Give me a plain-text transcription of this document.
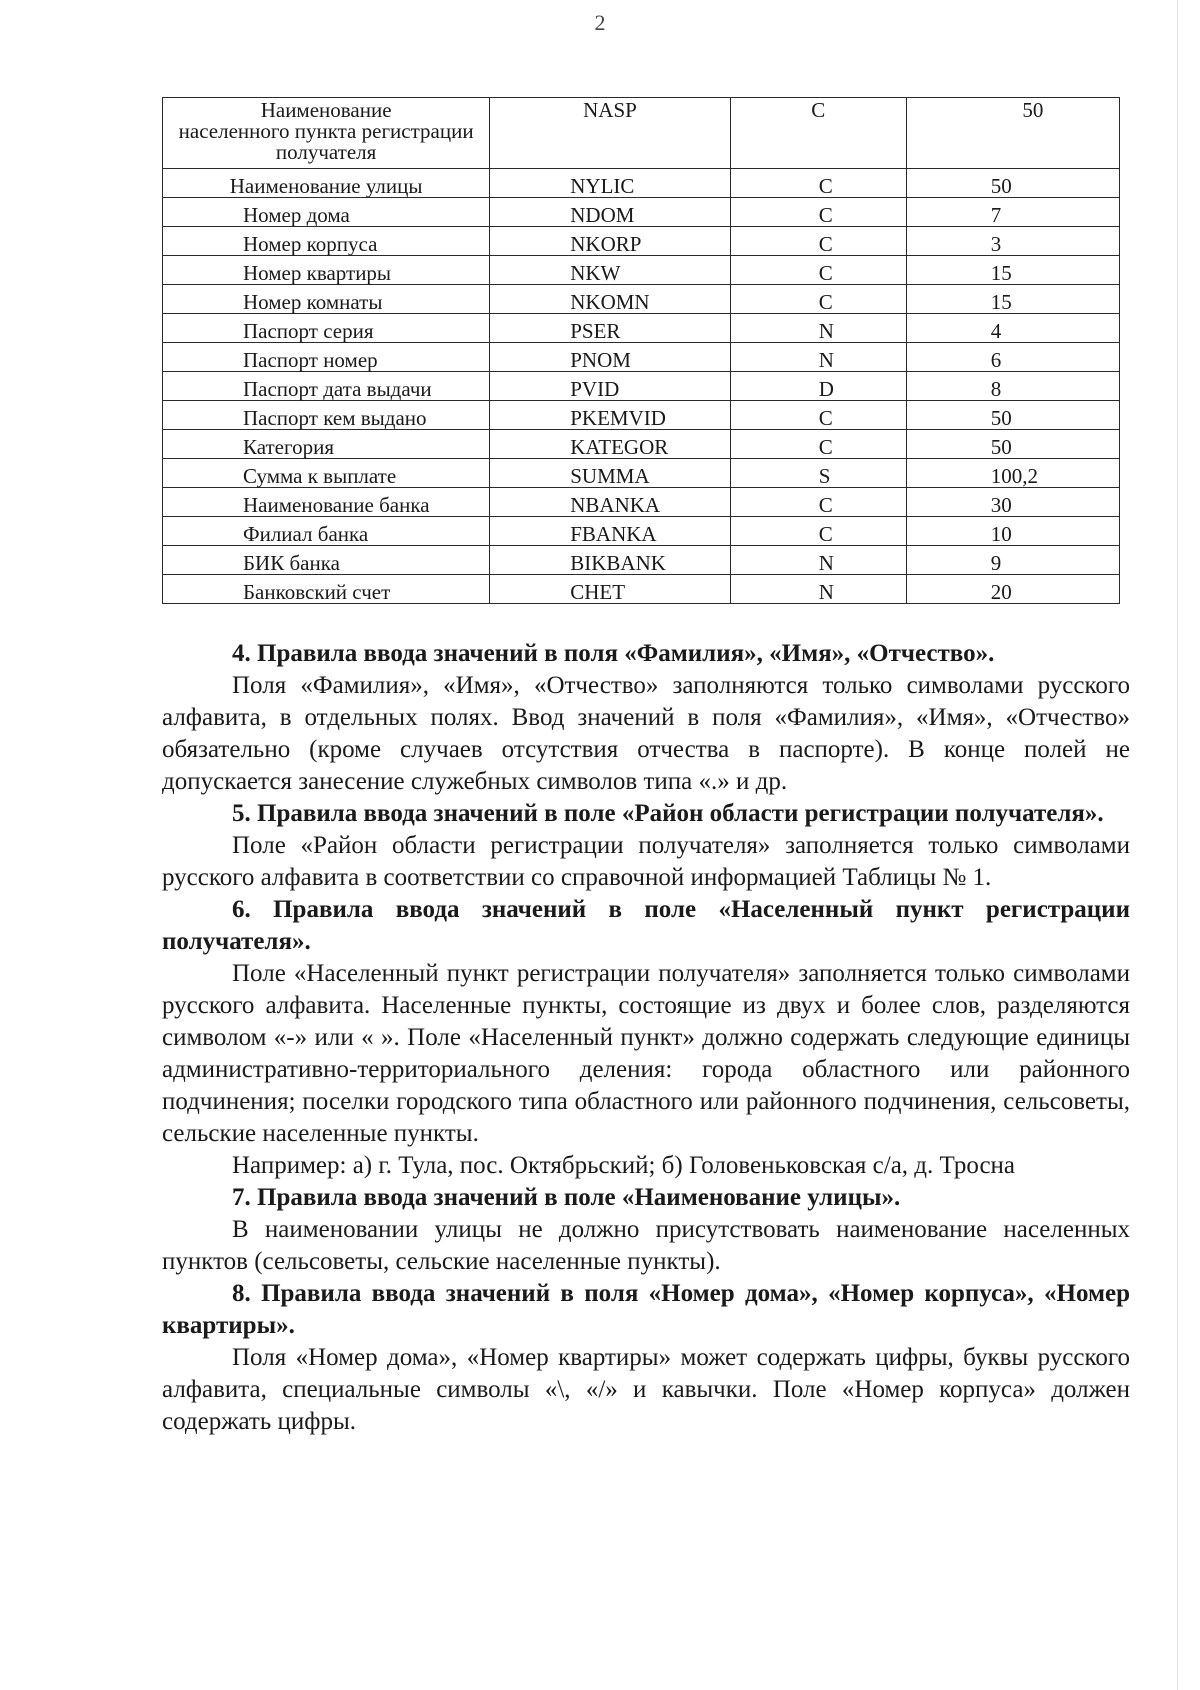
2
Наименование
населенного пункта регистрации
получателя	NASP	C	50

Наименование улицы	NYLIC	C	50

Номер дома	NDOM	C	7

Номер корпуса	NKORP	C	3

Номер квартиры	NKW	C	15

Номер комнаты	NKOMN	C	15

Паспорт серия	PSER	N	4

Паспорт номер	PNOM	N	6

Паспорт дата выдачи	PVID	D	8

Паспорт кем выдано	PKEMVID	C	50

Категория	KATEGOR	C	50

Сумма к выплате	SUMMA	S	100,2

Наименование банка	NBANKA	C	30

Филиал банка	FBANKA	C	10

БИК банка	BIKBANK	N	9

Банковский счет	CHET	N	20
4. Правила ввода значений в поля «Фамилия», «Имя», «Отчество».

Поля «Фамилия», «Имя», «Отчество» заполняются только символами русского алфавита, в отдельных полях. Ввод значений в поля «Фамилия», «Имя», «Отчество» обязательно (кроме случаев отсутствия отчества в паспорте). В конце полей не допускается занесение служебных символов типа «.» и др.

5. Правила ввода значений в поле «Район области регистрации получателя».

Поле «Район области регистрации получателя» заполняется только символами русского алфавита в соответствии со справочной информацией Таблицы № 1.

6. Правила ввода значений в поле «Населенный пункт регистрации получателя».

Поле «Населенный пункт регистрации получателя» заполняется только символами русского алфавита. Населенные пункты, состоящие из двух и более слов, разделяются символом «-» или « ». Поле «Населенный пункт» должно содержать следующие единицы административно-территориального деления: города областного или районного подчинения; поселки городского типа областного или районного подчинения, сельсоветы, сельские населенные пункты.

Например: а) г. Тула, пос. Октябрьский; б) Головеньковская с/а, д. Тросна

7. Правила ввода значений в поле «Наименование улицы».

В наименовании улицы не должно присутствовать наименование населенных пунктов (сельсоветы, сельские населенные пункты).

8. Правила ввода значений в поля «Номер дома», «Номер корпуса», «Номер квартиры».

Поля «Номер дома», «Номер квартиры» может содержать цифры, буквы русского алфавита, специальные символы «\, «/» и кавычки. Поле «Номер корпуса» должен содержать цифры.
